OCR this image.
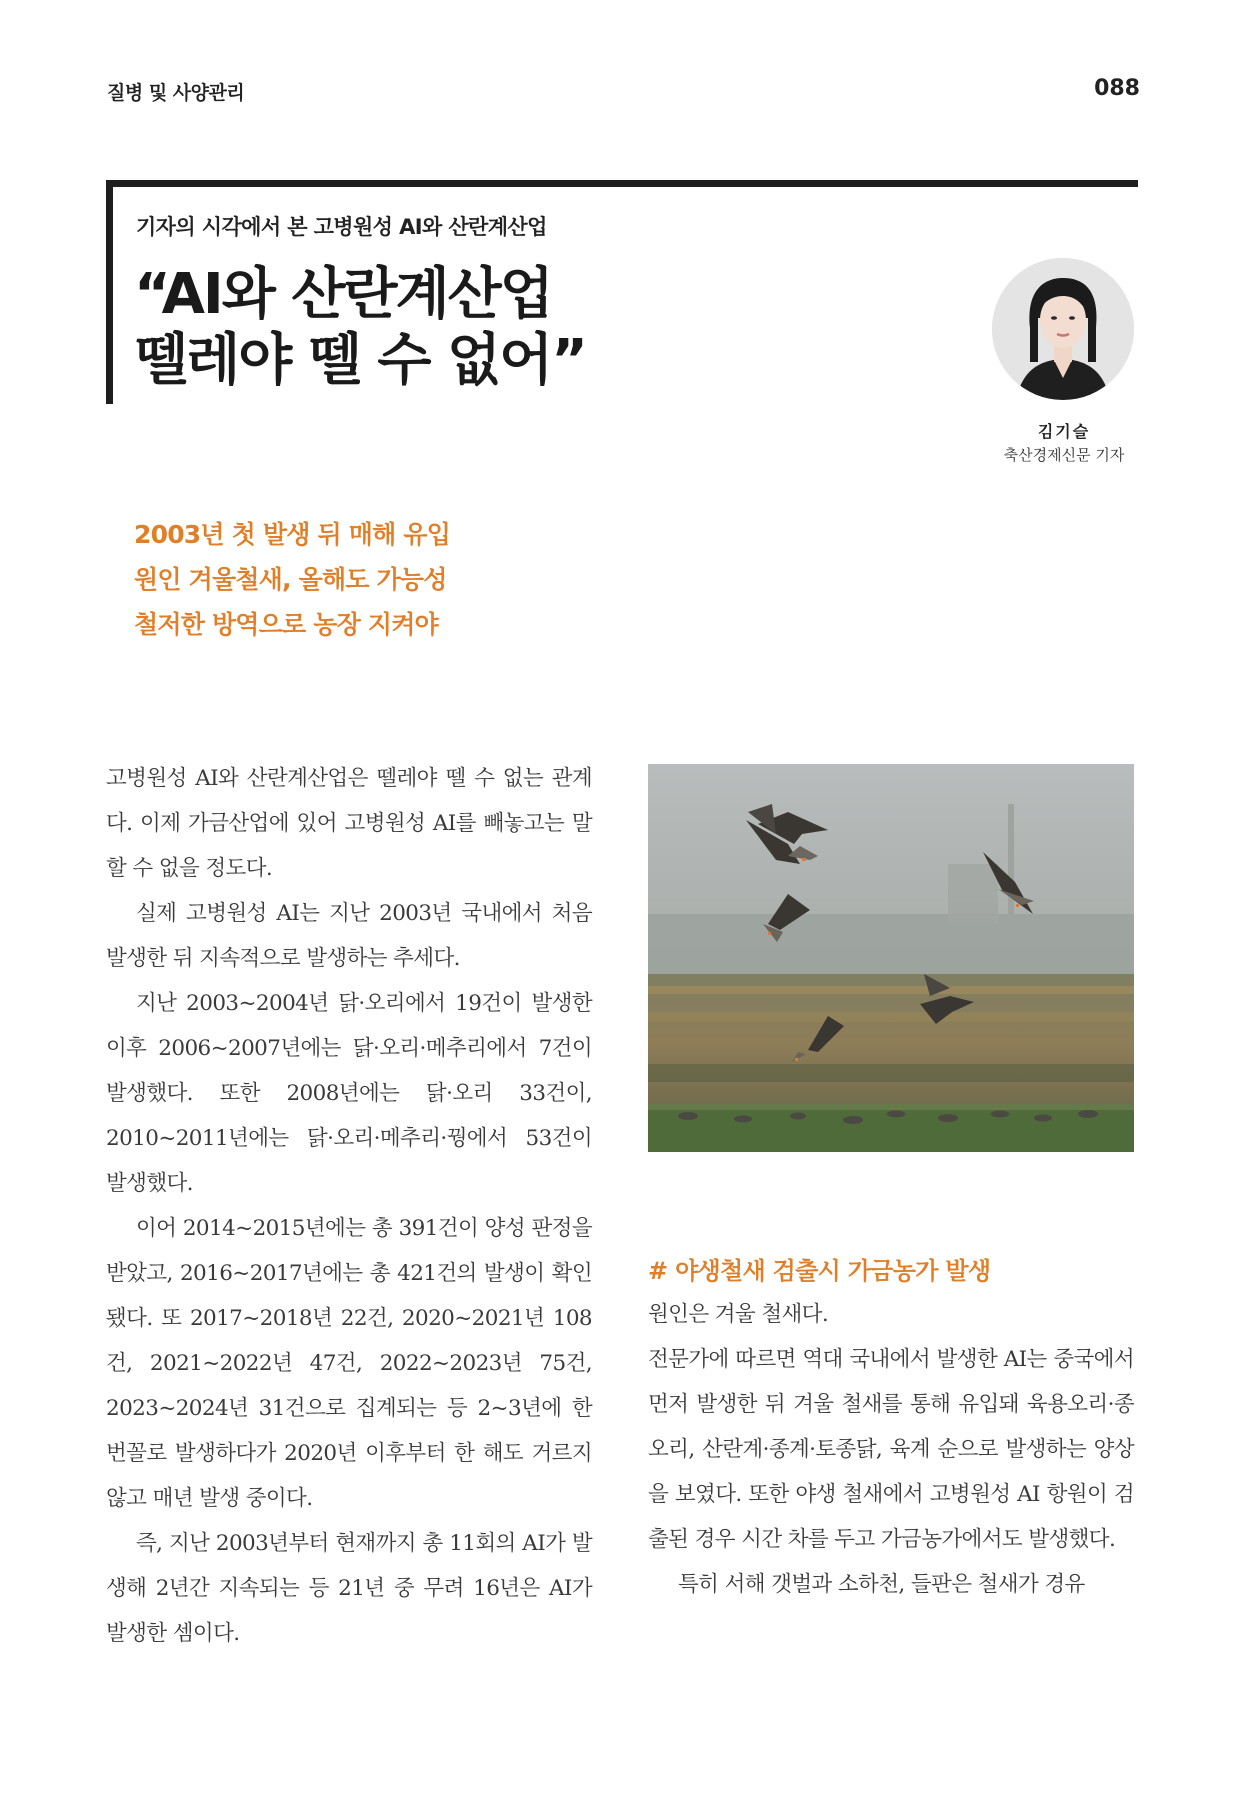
질병 및 사양관리	088
기자의 시각에서 본 고병원성 AI와 산란계산업
“AI와 산란계산업
뗄레야 뗄 수 없어”
김기슬
축산경제신문 기자
2003년 첫 발생 뒤 매해 유입
원인 겨울철새, 올해도 가능성
철저한 방역으로 농장 지켜야

고병원성 AI와 산란계산업은 뗄레야 뗄 수 없는 관계다. 이제 가금산업에 있어 고병원성 AI를 빼놓고는 말할 수 없을 정도다.

실제 고병원성 AI는 지난 2003년 국내에서 처음 발생한 뒤 지속적으로 발생하는 추세다.

지난 2003~2004년 닭·오리에서 19건이 발생한 이후 2006~2007년에는 닭·오리·메추리에서 7건이 발생했다. 또한 2008년에는 닭·오리 33건이, 2010~2011년에는 닭·오리·메추리·꿩에서 53건이 발생했다.

이어 2014~2015년에는 총 391건이 양성 판정을 받았고, 2016~2017년에는 총 421건의 발생이 확인됐다. 또 2017~2018년 22건, 2020~2021년 108건, 2021~2022년 47건, 2022~2023년 75건, 2023~2024년 31건으로 집계되는 등 2~3년에 한 번꼴로 발생하다가 2020년 이후부터 한 해도 거르지 않고 매년 발생 중이다.

즉, 지난 2003년부터 현재까지 총 11회의 AI가 발생해 2년간 지속되는 등 21년 중 무려 16년은 AI가 발생한 셈이다.

# 야생철새 검출시 가금농가 발생

원인은 겨울 철새다.

전문가에 따르면 역대 국내에서 발생한 AI는 중국에서 먼저 발생한 뒤 겨울 철새를 통해 유입돼 육용오리·종오리, 산란계·종계·토종닭, 육계 순으로 발생하는 양상을 보였다. 또한 야생 철새에서 고병원성 AI 항원이 검출된 경우 시간 차를 두고 가금농가에서도 발생했다.

특히 서해 갯벌과 소하천, 들판은 철새가 경유
